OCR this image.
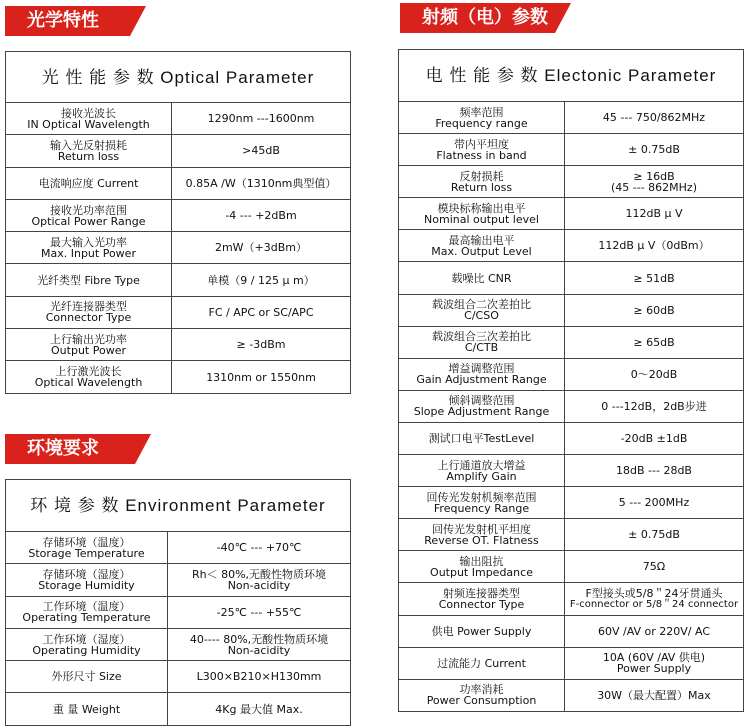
光学特性
环境要求
射频（电）参数
光 性 能 参 数 Optical Parameter	

接收光波长
IN Optical Wavelength	1290nm ---1600nm

输入光反射损耗
Return loss	>45dB

电流响应度 Current	0.85A /W（1310nm典型值）

接收光功率范围
Optical Power Range	-4 --- +2dBm

最大输入光功率
Max. Input Power	2mW（+3dBm）

光纤类型 Fibre Type	单模（9 / 125 μ m）

光纤连接器类型
Connector Type	FC / APC or SC/APC

上行输出光功率
Output Power	≥ -3dBm

上行激光波长
Optical Wavelength	1310nm or 1550nm
环 境 参 数 Environment Parameter	

存储环境（温度）
Storage Temperature	-40℃ --- +70℃

存储环境（湿度）
Storage Humidity	Rh＜ 80%,无酸性物质环境
Non-acidity

工作环境（温度）
Operating Temperature	-25℃ --- +55℃

工作环境（湿度）
Operating Humidity	40---- 80%,无酸性物质环境
Non-acidity

外形尺寸 Size	L300×B210×H130mm

重 量 Weight	4Kg 最大值 Max.
电 性 能 参 数 Electonic Parameter	

频率范围
Frequency range	45 --- 750/862MHz

带内平坦度
Flatness in band	± 0.75dB

反射损耗
Return loss	≥ 16dB
(45 --- 862MHz)

模块标称输出电平
Nominal output level	112dB μ V

最高输出电平
Max. Output Level	112dB μ V（0dBm）

载噪比 CNR	≥ 51dB

载波组合二次差拍比
C/CSO	≥ 60dB

载波组合三次差拍比
C/CTB	≥ 65dB

增益调整范围
Gain Adjustment Range	0～20dB

倾斜调整范围
Slope Adjustment Range	0 ---12dB，2dB步进

测试口电平TestLevel	-20dB ±1dB

上行通道放大增益
Amplify Gain	18dB --- 28dB

回传光发射机频率范围
Frequency Range	5 --- 200MHz

回传光发射机平坦度
Reverse OT. Flatness	± 0.75dB

输出阻抗
Output Impedance	75Ω

射频连接器类型
Connector Type	F型接头或5/8＂24牙贯通头
F-connector or 5/8＂24 connector

供电 Power Supply	60V /AV or 220V/ AC

过流能力 Current	10A (60V /AV 供电)
Power Supply

功率消耗
Power Consumption	30W（最大配置）Max
